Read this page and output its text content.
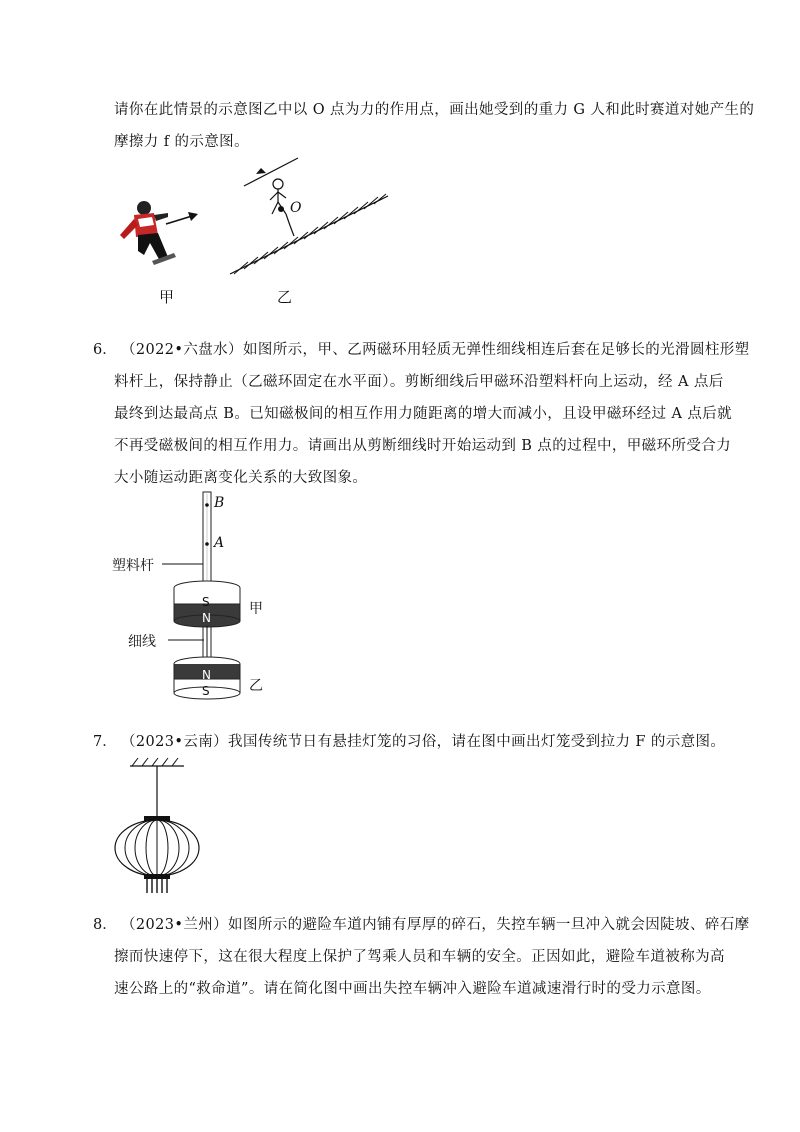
请你在此情景的示意图乙中以 O 点为力的作用点，画出她受到的重力 G 人和此时赛道对她产生的
摩擦力 f 的示意图。
甲
O
乙
6． （2022•六盘水）如图所示，甲、乙两磁环用轻质无弹性细线相连后套在足够长的光滑圆柱形塑
料杆上，保持静止（乙磁环固定在水平面）。剪断细线后甲磁环沿塑料杆向上运动，经 A 点后
最终到达最高点 B。已知磁极间的相互作用力随距离的增大而减小，且设甲磁环经过 A 点后就
不再受磁极间的相互作用力。请画出从剪断细线时开始运动到 B 点的过程中，甲磁环所受合力
大小随运动距离变化关系的大致图象。
B
A
塑料杆
细线
甲
乙
S
N
N
S
7． （2023•云南）我国传统节日有悬挂灯笼的习俗，请在图中画出灯笼受到拉力 F 的示意图。
8． （2023•兰州）如图所示的避险车道内铺有厚厚的碎石，失控车辆一旦冲入就会因陡坡、碎石摩
擦而快速停下，这在很大程度上保护了驾乘人员和车辆的安全。正因如此，避险车道被称为高
速公路上的“救命道”。请在简化图中画出失控车辆冲入避险车道减速滑行时的受力示意图。
